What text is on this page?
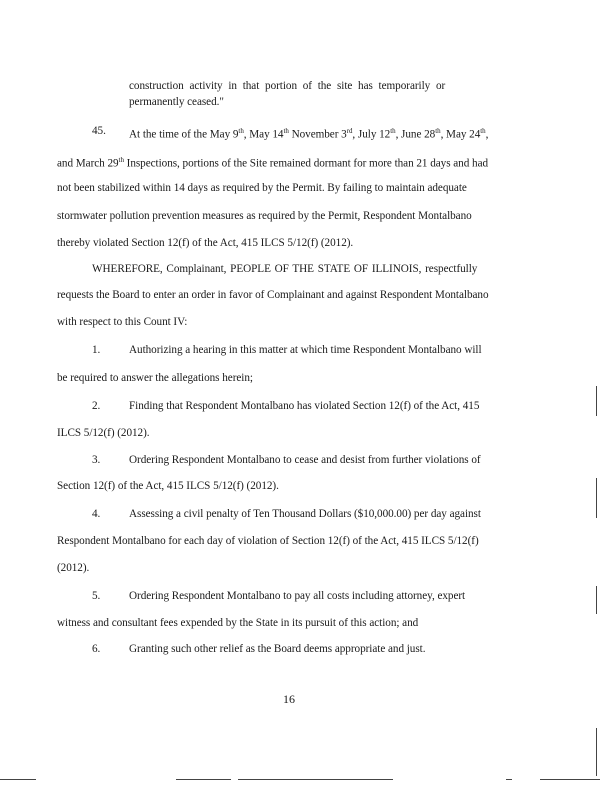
construction activity in that portion of the site has temporarily or
permanently ceased."
45. At the time of the May 9th, May 14th November 3rd, July 12th, June 28th, May 24th,
and March 29th Inspections, portions of the Site remained dormant for more than 21 days and had
not been stabilized within 14 days as required by the Permit. By failing to maintain adequate
stormwater pollution prevention measures as required by the Permit, Respondent Montalbano
thereby violated Section 12(f) of the Act, 415 ILCS 5/12(f) (2012).
WHEREFORE, Complainant, PEOPLE OF THE STATE OF ILLINOIS, respectfully
requests the Board to enter an order in favor of Complainant and against Respondent Montalbano
with respect to this Count IV:
1.	Authorizing a hearing in this matter at which time Respondent Montalbano will
be required to answer the allegations herein;
2.	Finding that Respondent Montalbano has violated Section 12(f) of the Act, 415
ILCS 5/12(f) (2012).
3.	Ordering Respondent Montalbano to cease and desist from further violations of
Section 12(f) of the Act, 415 ILCS 5/12(f) (2012).
4.	Assessing a civil penalty of Ten Thousand Dollars ($10,000.00) per day against
Respondent Montalbano for each day of violation of Section 12(f) of the Act, 415 ILCS 5/12(f)
(2012).
5.	Ordering Respondent Montalbano to pay all costs including attorney, expert
witness and consultant fees expended by the State in its pursuit of this action; and
6.	Granting such other relief as the Board deems appropriate and just.
16
